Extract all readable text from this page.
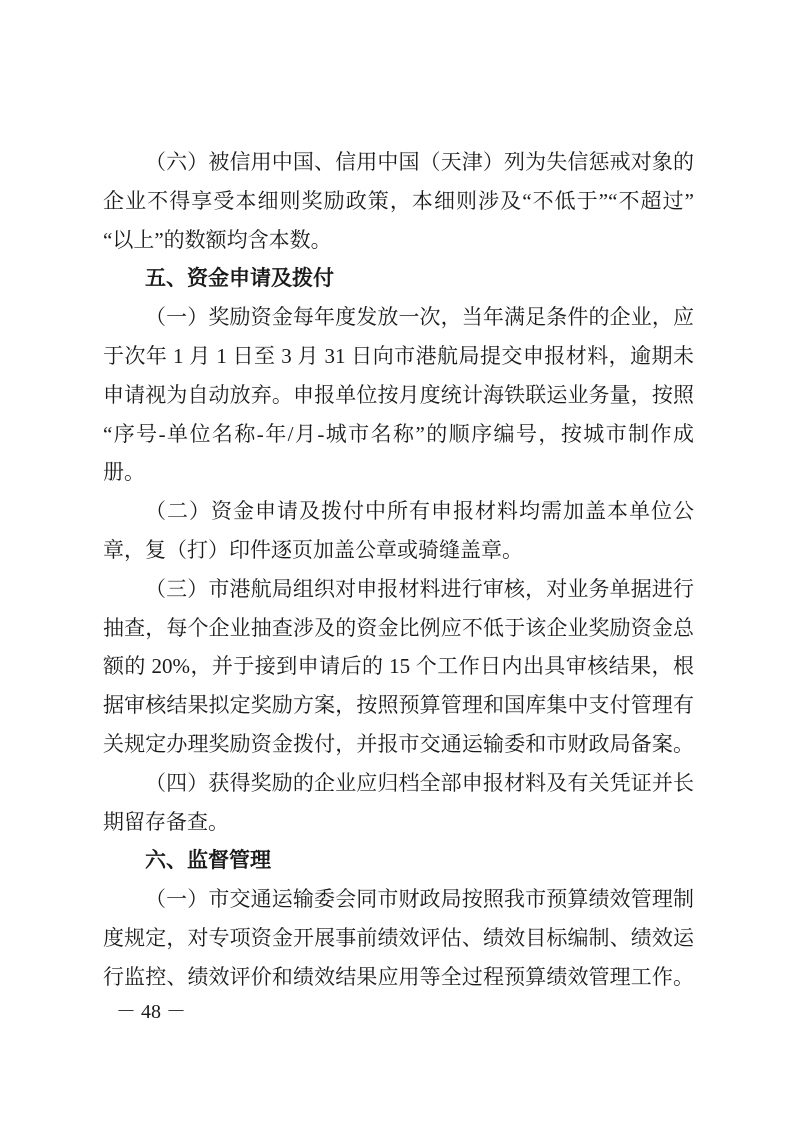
（六）被信用中国、信用中国（天津）列为失信惩戒对象的
企业不得享受本细则奖励政策，本细则涉及“不低于”“不超过”
“以上”的数额均含本数。
五、资金申请及拨付
（一）奖励资金每年度发放一次，当年满足条件的企业，应
于次年 1 月 1 日至 3 月 31 日向市港航局提交申报材料，逾期未
申请视为自动放弃。申报单位按月度统计海铁联运业务量，按照
“序号-单位名称-年/月-城市名称”的顺序编号，按城市制作成
册。
（二）资金申请及拨付中所有申报材料均需加盖本单位公
章，复（打）印件逐页加盖公章或骑缝盖章。
（三）市港航局组织对申报材料进行审核，对业务单据进行
抽查，每个企业抽查涉及的资金比例应不低于该企业奖励资金总
额的 20%，并于接到申请后的 15 个工作日内出具审核结果，根
据审核结果拟定奖励方案，按照预算管理和国库集中支付管理有
关规定办理奖励资金拨付，并报市交通运输委和市财政局备案。
（四）获得奖励的企业应归档全部申报材料及有关凭证并长
期留存备查。
六、监督管理
（一）市交通运输委会同市财政局按照我市预算绩效管理制
度规定，对专项资金开展事前绩效评估、绩效目标编制、绩效运
行监控、绩效评价和绩效结果应用等全过程预算绩效管理工作。
－ 48 －
